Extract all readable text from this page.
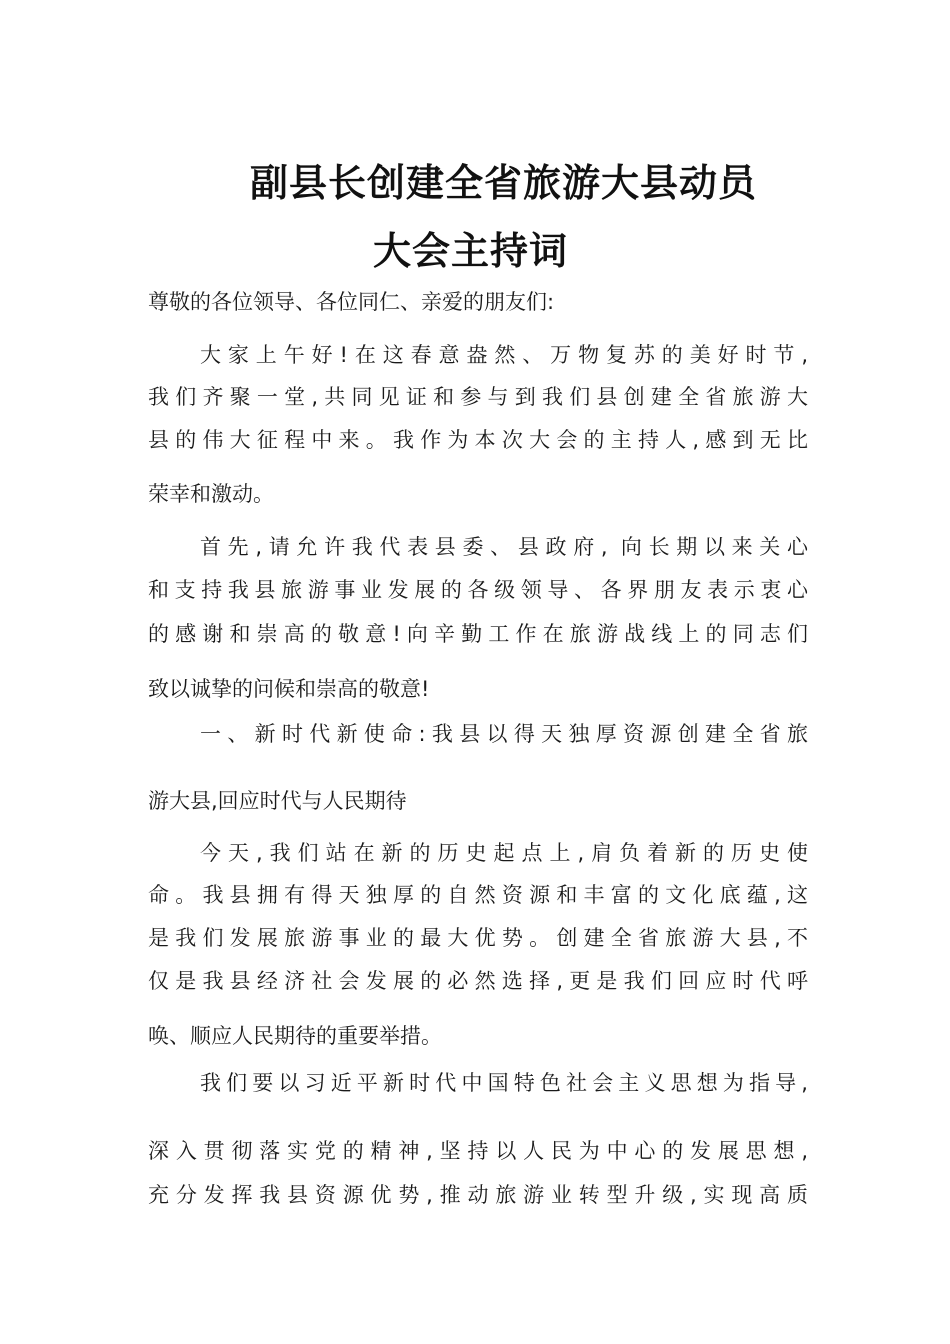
副县长创建全省旅游大县动员
大会主持词
尊敬的各位领导、各位同仁、亲爱的朋友们:
大家上午好!在这春意盎然、万物复苏的美好时节,
我们齐聚一堂,共同见证和参与到我们县创建全省旅游大
县的伟大征程中来。我作为本次大会的主持人,感到无比
荣幸和激动。
首先,请允许我代表县委、县政府, 向长期以来关心
和支持我县旅游事业发展的各级领导、各界朋友表示衷心
的感谢和崇高的敬意!向辛勤工作在旅游战线上的同志们
致以诚挚的问候和崇高的敬意!
一、新时代新使命:我县以得天独厚资源创建全省旅
游大县,回应时代与人民期待
今天,我们站在新的历史起点上,肩负着新的历史使
命。我县拥有得天独厚的自然资源和丰富的文化底蕴,这
是我们发展旅游事业的最大优势。创建全省旅游大县,不
仅是我县经济社会发展的必然选择,更是我们回应时代呼
唤、顺应人民期待的重要举措。
我们要以习近平新时代中国特色社会主义思想为指导,
深入贯彻落实党的精神,坚持以人民为中心的发展思想,
充分发挥我县资源优势,推动旅游业转型升级,实现高质
